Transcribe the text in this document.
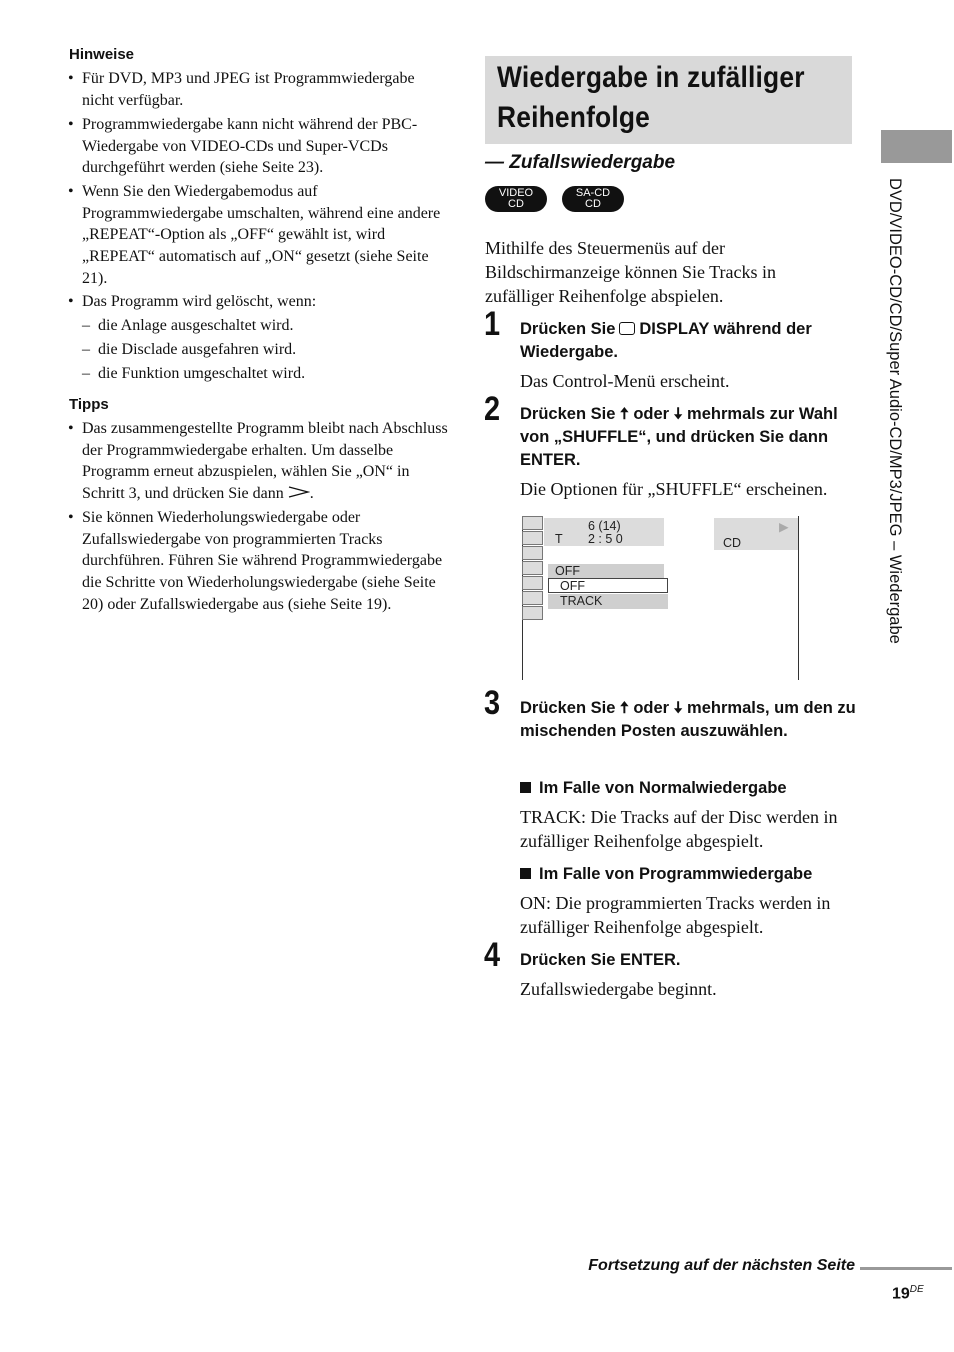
Hinweise
• Für DVD, MP3 und JPEG ist Programmwiedergabe nicht verfügbar.
• Programmwiedergabe kann nicht während der PBC-Wiedergabe von VIDEO-CDs und Super-VCDs durchgeführt werden (siehe Seite 23).
• Wenn Sie den Wiedergabemodus auf Programmwiedergabe umschalten, während eine andere „REPEAT“-Option als „OFF“ gewählt ist, wird „REPEAT“ automatisch auf „ON“ gesetzt (siehe Seite 21).
• Das Programm wird gelöscht, wenn:
–  die Anlage ausgeschaltet wird.
–  die Disclade ausgefahren wird.
–  die Funktion umgeschaltet wird.
Tipps
• Das zusammengestellte Programm bleibt nach Abschluss der Programmwiedergabe erhalten. Um dasselbe Programm erneut abzuspielen, wählen Sie „ON“ in Schritt 3, und drücken Sie dann .
• Sie können Wiederholungswiedergabe oder Zufallswiedergabe von programmierten Tracks durchführen. Führen Sie während Programmwiedergabe die Schritte von Wiederholungswiedergabe (siehe Seite 20) oder Zufallswiedergabe aus (siehe Seite 19).
Wiedergabe in zufälliger Reihenfolge
— Zufallswiedergabe
VIDEO
CD
SA-CD
CD
Mithilfe des Steuermenüs auf der Bildschirmanzeige können Sie Tracks in zufälliger Reihenfolge abspielen.
1 Drücken Sie DISPLAY während der Wiedergabe.
Das Control-Menü erscheint.
2 Drücken Sie 🠅 oder 🠇 mehrmals zur Wahl von „SHUFFLE“, und drücken Sie dann ENTER.
Die Optionen für „SHUFFLE“ erscheinen.
6 (14)
T 2 : 5 0	CD
▶
OFF
OFF
TRACK
3 Drücken Sie 🠅 oder 🠇 mehrmals, um den zu mischenden Posten auszuwählen.
Im Falle von Normalwiedergabe
TRACK: Die Tracks auf der Disc werden in zufälliger Reihenfolge abgespielt.
Im Falle von Programmwiedergabe
ON: Die programmierten Tracks werden in zufälliger Reihenfolge abgespielt.
4 Drücken Sie ENTER.
Zufallswiedergabe beginnt.
DVD/VIDEO-CD/CD/Super Audio-CD/MP3/JPEG – Wiedergabe
Fortsetzung auf der nächsten Seite
19DE
